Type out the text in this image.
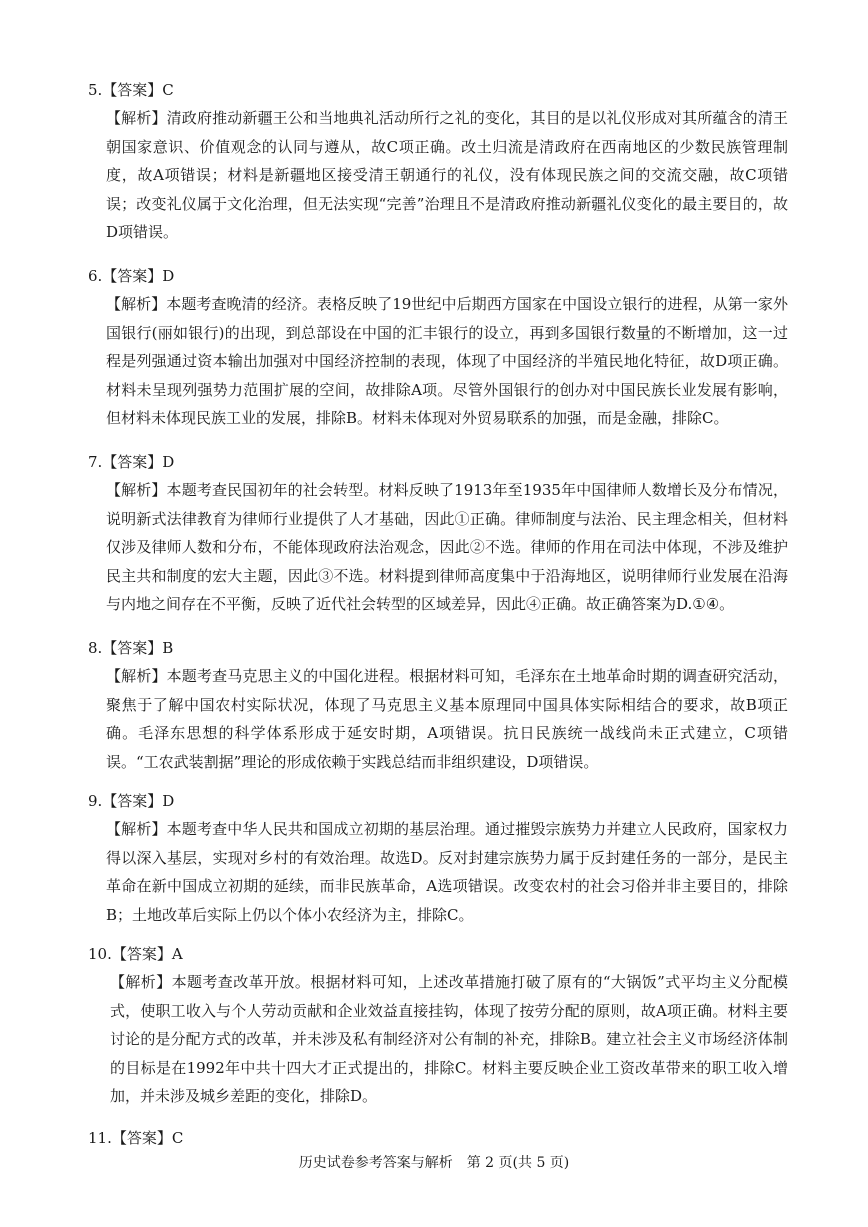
5.【答案】C
【解析】清政府推动新疆王公和当地典礼活动所行之礼的变化，其目的是以礼仪形成对其所蕴含的清王朝国家意识、价值观念的认同与遵从，故C项正确。改土归流是清政府在西南地区的少数民族管理制度，故A项错误；材料是新疆地区接受清王朝通行的礼仪，没有体现民族之间的交流交融，故C项错误；改变礼仪属于文化治理，但无法实现“完善”治理且不是清政府推动新疆礼仪变化的最主要目的，故D项错误。
6.【答案】D
【解析】本题考查晚清的经济。表格反映了19世纪中后期西方国家在中国设立银行的进程，从第一家外国银行(丽如银行)的出现，到总部设在中国的汇丰银行的设立，再到多国银行数量的不断增加，这一过程是列强通过资本输出加强对中国经济控制的表现，体现了中国经济的半殖民地化特征，故D项正确。材料未呈现列强势力范围扩展的空间，故排除A项。尽管外国银行的创办对中国民族长业发展有影响，但材料未体现民族工业的发展，排除B。材料未体现对外贸易联系的加强，而是金融，排除C。
7.【答案】D
【解析】本题考查民国初年的社会转型。材料反映了1913年至1935年中国律师人数增长及分布情况，说明新式法律教育为律师行业提供了人才基础，因此①正确。律师制度与法治、民主理念相关，但材料仅涉及律师人数和分布，不能体现政府法治观念，因此②不选。律师的作用在司法中体现，不涉及维护民主共和制度的宏大主题，因此③不选。材料提到律师高度集中于沿海地区，说明律师行业发展在沿海与内地之间存在不平衡，反映了近代社会转型的区域差异，因此④正确。故正确答案为D.①④。
8.【答案】B
【解析】本题考查马克思主义的中国化进程。根据材料可知，毛泽东在土地革命时期的调查研究活动，聚焦于了解中国农村实际状况，体现了马克思主义基本原理同中国具体实际相结合的要求，故B项正确。毛泽东思想的科学体系形成于延安时期，A项错误。抗日民族统一战线尚未正式建立，C项错误。“工农武装割据”理论的形成依赖于实践总结而非组织建设，D项错误。
9.【答案】D
【解析】本题考查中华人民共和国成立初期的基层治理。通过摧毁宗族势力并建立人民政府，国家权力得以深入基层，实现对乡村的有效治理。故选D。反对封建宗族势力属于反封建任务的一部分，是民主革命在新中国成立初期的延续，而非民族革命，A选项错误。改变农村的社会习俗并非主要目的，排除B；土地改革后实际上仍以个体小农经济为主，排除C。
10.【答案】A
【解析】本题考查改革开放。根据材料可知，上述改革措施打破了原有的“大锅饭”式平均主义分配模式，使职工收入与个人劳动贡献和企业效益直接挂钩，体现了按劳分配的原则，故A项正确。材料主要讨论的是分配方式的改革，并未涉及私有制经济对公有制的补充，排除B。建立社会主义市场经济体制的目标是在1992年中共十四大才正式提出的，排除C。材料主要反映企业工资改革带来的职工收入增加，并未涉及城乡差距的变化，排除D。
11.【答案】C
历史试卷参考答案与解析　第 2 页(共 5 页)
